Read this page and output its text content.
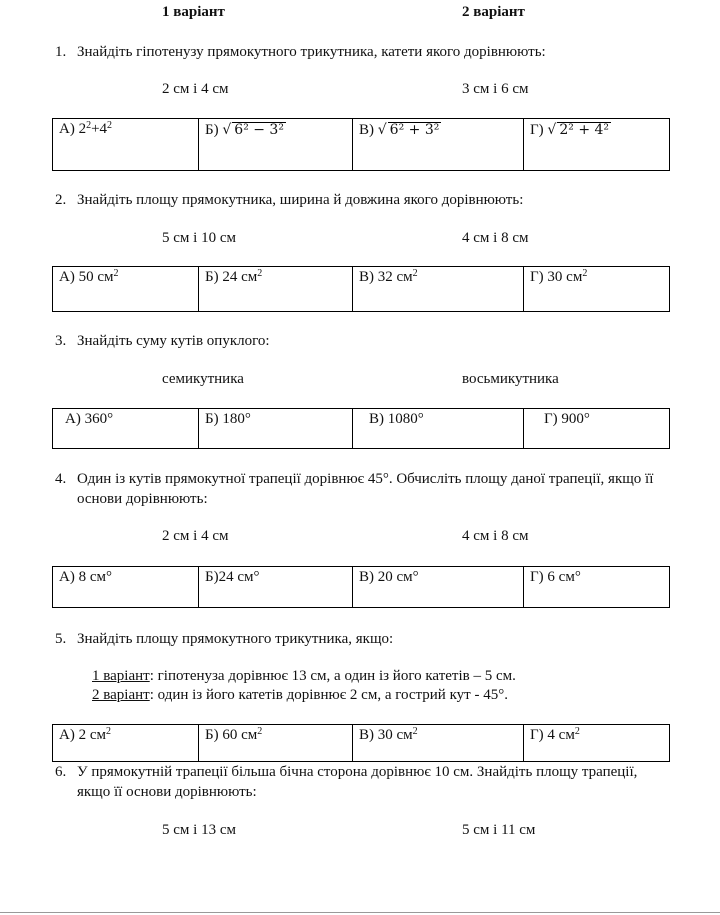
1 варіант	2 варіант
1. Знайдіть гіпотенузу прямокутного трикутника, катети якого дорівнюють:
2 см і 4 см	3 см і 6 см
А) $2^2+4^2$	Б) √ 6² − 3²	В) √ 6² + 3²	Г) √ 2² + 4²
2. Знайдіть площу прямокутника, ширина й довжина якого дорівнюють:
5 см і 10 см	4 см і 8 см
А) 50 $см^2$	Б) 24 $см^2$	В) 32 $см^2$	Г) 30 $см^2$
3. Знайдіть суму кутів опуклого:
семикутника	восьмикутника
А) 360°	Б) 180°	В) 1080°	Г) 900°
4. Один із кутів прямокутної трапеції дорівнює 45°. Обчисліть площу даної трапеції, якщо її основи дорівнюють:
2 см і 4 см	4 см і 8 см
А) 8 см°	Б)24 см°	В) 20 см°	Г) 6 см°
5. Знайдіть площу прямокутного трикутника, якщо:
1 варіант: гіпотенуза дорівнює 13 см, а один із його катетів – 5 см.
2 варіант: один із його катетів дорівнює 2 см, а гострий кут - 45°.
А) 2 $см^2$	Б) 60 $см^2$	В) 30 $см^2$	Г) 4 $см^2$
6. У прямокутній трапеції більша бічна сторона дорівнює 10 см. Знайдіть площу трапеції, якщо її основи дорівнюють:
5 см і 13 см	5 см і 11 см
